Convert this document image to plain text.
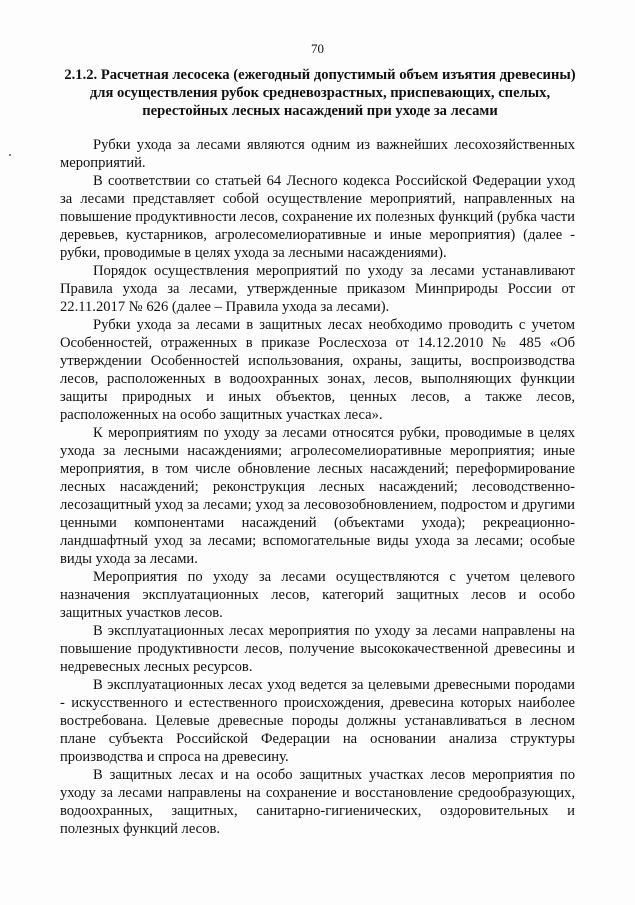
70
2.1.2. Расчетная лесосека (ежегодный допустимый объем изъятия древесины) для осуществления рубок средневозрастных, приспевающих, спелых, перестойных лесных насаждений при уходе за лесами

Рубки ухода за лесами являются одним из важнейших лесохозяйственных мероприятий.

В соответствии со статьей 64 Лесного кодекса Российской Федерации уход за лесами представляет собой осуществление мероприятий, направленных на повышение продуктивности лесов, сохранение их полезных функций (рубка части деревьев, кустарников, агролесомелиоративные и иные мероприятия) (далее - рубки, проводимые в целях ухода за лесными насаждениями).

Порядок осуществления мероприятий по уходу за лесами устанавливают Правила ухода за лесами, утвержденные приказом Минприроды России от 22.11.2017 № 626 (далее – Правила ухода за лесами).

Рубки ухода за лесами в защитных лесах необходимо проводить с учетом Особенностей, отраженных в приказе Рослесхоза от 14.12.2010 № 485 «Об утверждении Особенностей использования, охраны, защиты, воспроизводства лесов, расположенных в водоохранных зонах, лесов, выполняющих функции защиты природных и иных объектов, ценных лесов, а также лесов, расположенных на особо защитных участках леса».

К мероприятиям по уходу за лесами относятся рубки, проводимые в целях ухода за лесными насаждениями; агролесомелиоративные мероприятия; иные мероприятия, в том числе обновление лесных насаждений; переформирование лесных насаждений; реконструкция лесных насаждений; лесоводственно-лесозащитный уход за лесами; уход за лесовозобновлением, подростом и другими ценными компонентами насаждений (объектами ухода); рекреационно-ландшафтный уход за лесами; вспомогательные виды ухода за лесами; особые виды ухода за лесами.

Мероприятия по уходу за лесами осуществляются с учетом целевого назначения эксплуатационных лесов, категорий защитных лесов и особо защитных участков лесов.

В эксплуатационных лесах мероприятия по уходу за лесами направлены на повышение продуктивности лесов, получение высококачественной древесины и недревесных лесных ресурсов.

В эксплуатационных лесах уход ведется за целевыми древесными породами - искусственного и естественного происхождения, древесина которых наиболее востребована. Целевые древесные породы должны устанавливаться в лесном плане субъекта Российской Федерации на основании анализа структуры производства и спроса на древесину.

В защитных лесах и на особо защитных участках лесов мероприятия по уходу за лесами направлены на сохранение и восстановление средообразующих, водоохранных, защитных, санитарно-гигиенических, оздоровительных и полезных функций лесов.
